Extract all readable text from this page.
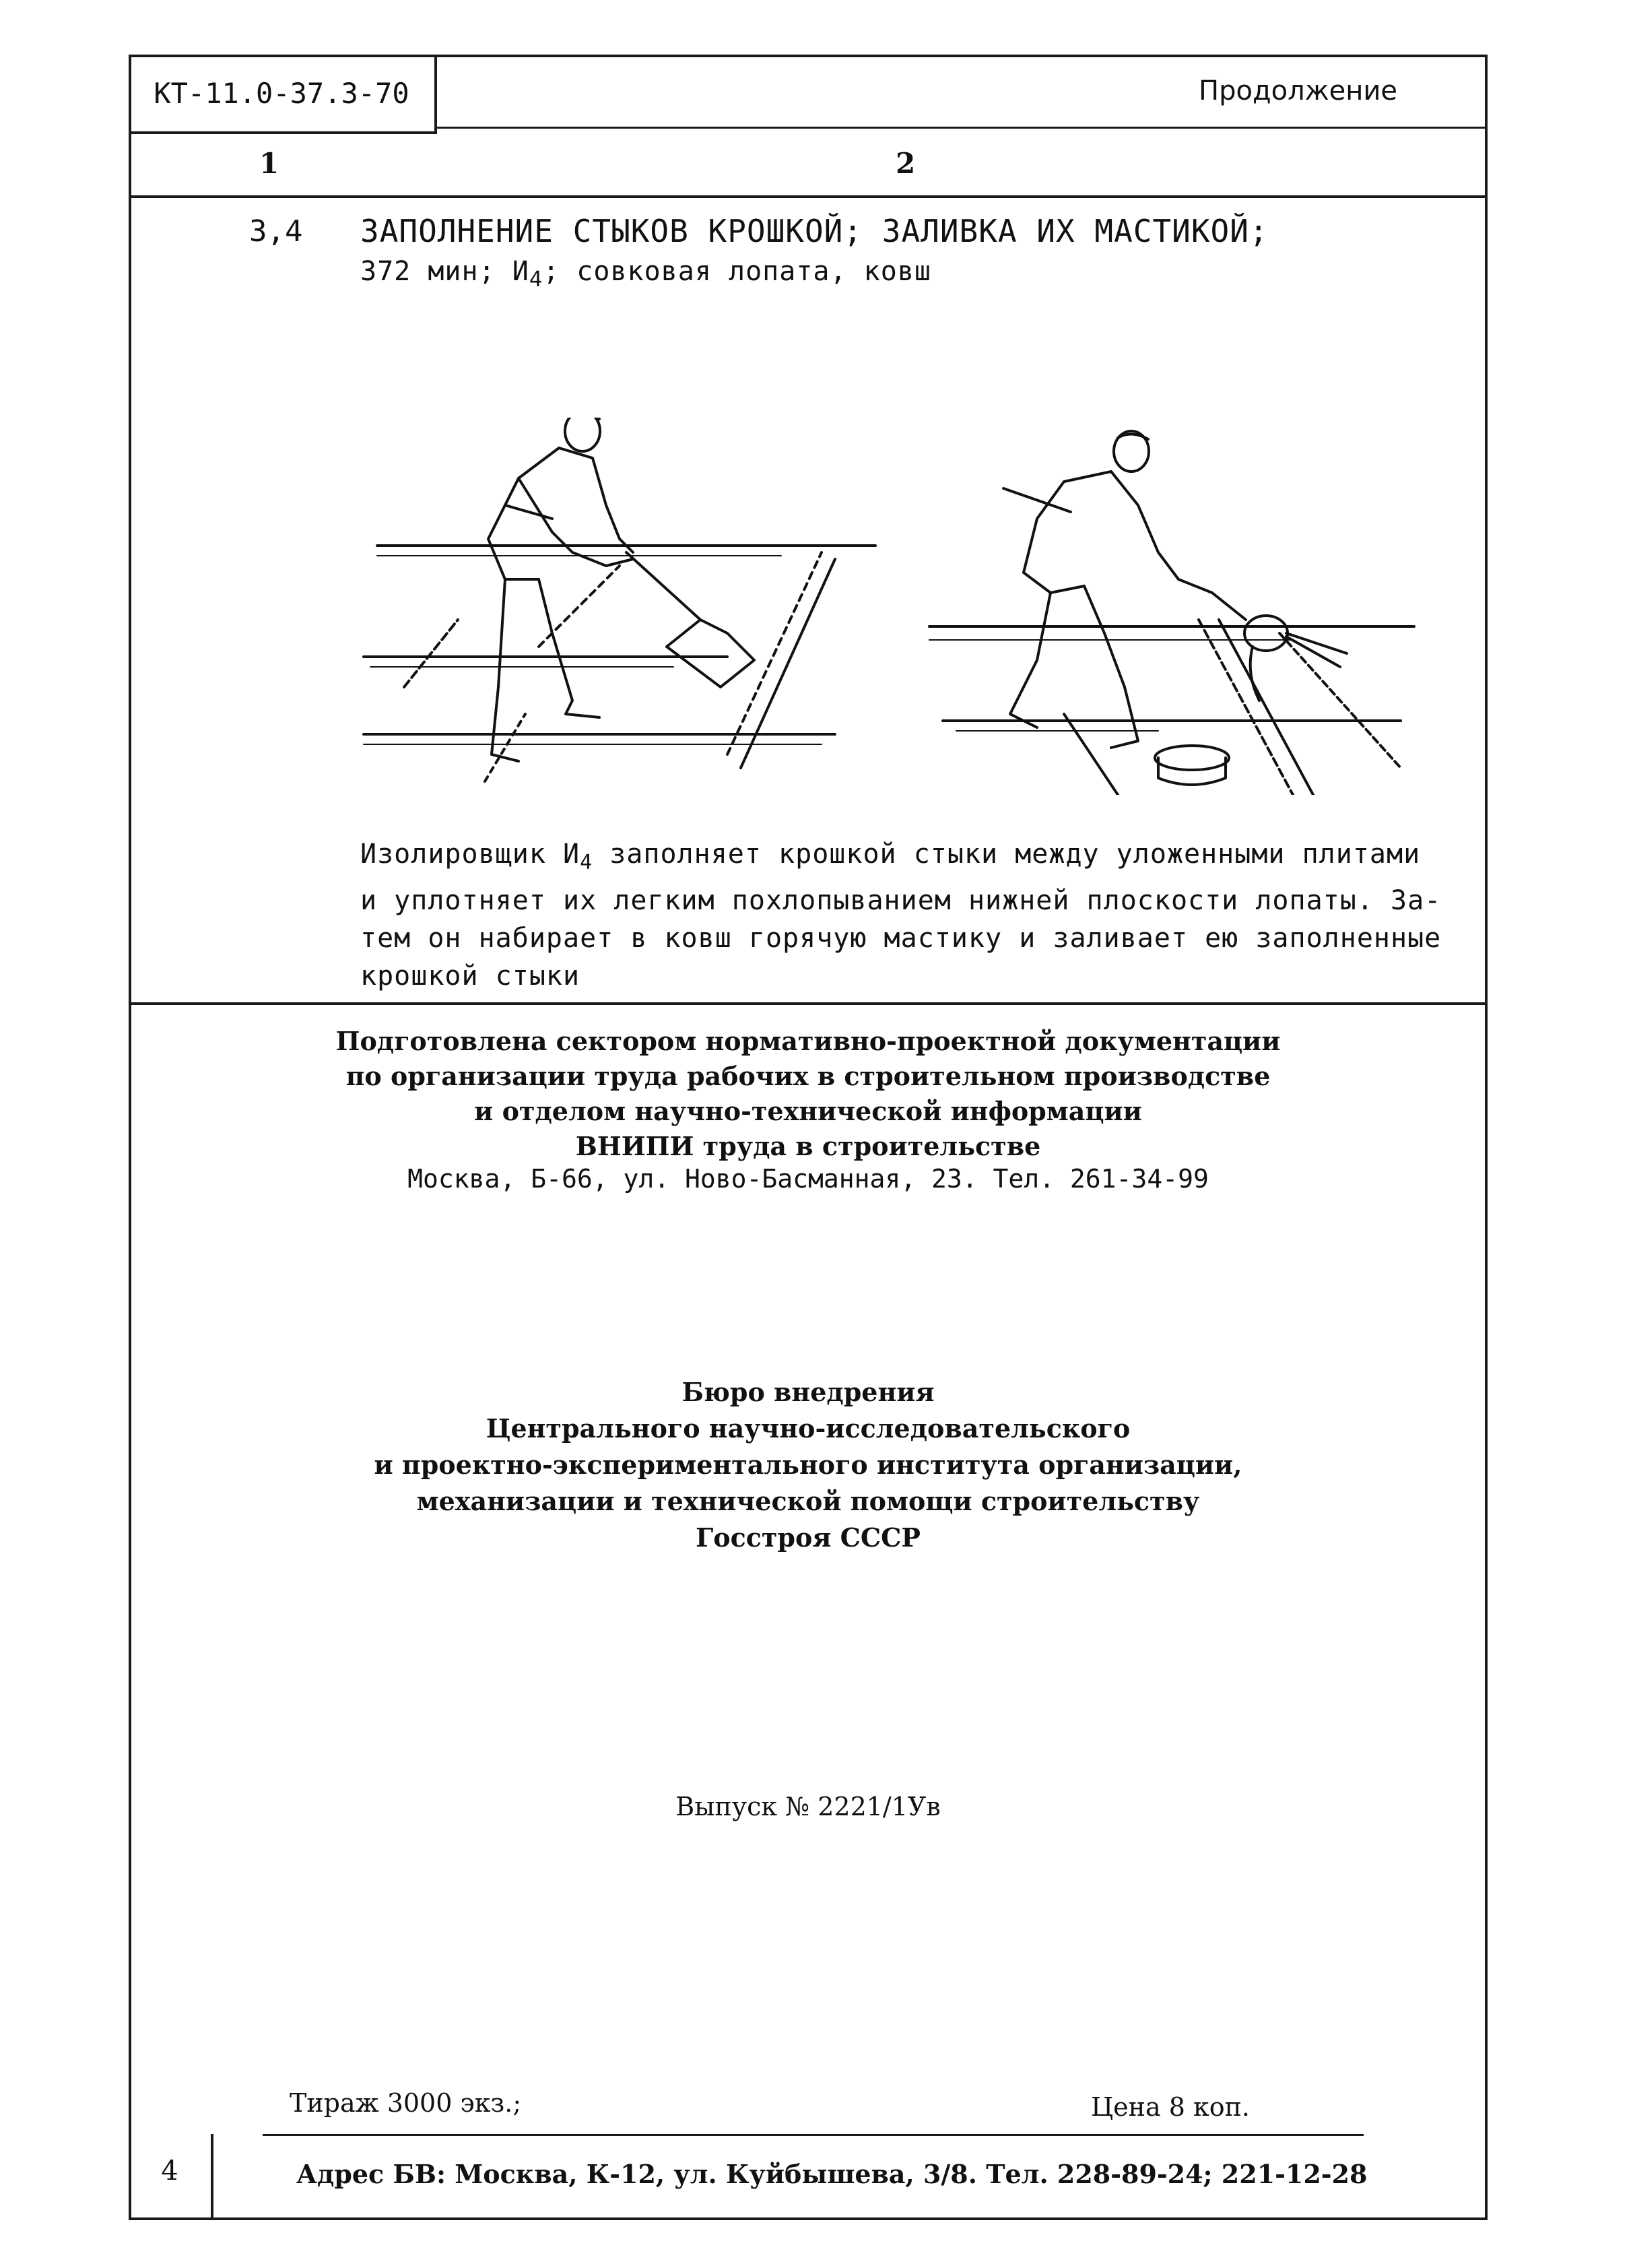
КТ-11.0-37.3-70	Продолжение
1	2
3,4 ЗАПОЛНЕНИЕ СТЫКОВ КРОШКОЙ; ЗАЛИВКА ИХ МАСТИКОЙ;
372 мин; $И_4$; совковая лопата, ковш
Изолировщик $И_4$ заполняет крошкой стыки между уложенными плитами
и уплотняет их легким похлопыванием нижней плоскости лопаты. За-
тем он набирает в ковш горячую мастику и заливает ею заполненные
крошкой стыки
Подготовлена сектором нормативно-проектной документации
по организации труда рабочих в строительном производстве
и отделом научно-технической информации
ВНИПИ труда в строительстве
Москва, Б-66, ул. Ново-Басманная, 23. Тел. 261-34-99
Бюро внедрения
Центрального научно-исследовательского
и проектно-экспериментального института организации,
механизации и технической помощи строительству
Госстроя СССР
Выпуск № 2221/1Ув
Тираж 3000 экз.;	Цена 8 коп.
4	Адрес БВ: Москва, К-12, ул. Куйбышева, 3/8. Тел. 228-89-24; 221-12-28
